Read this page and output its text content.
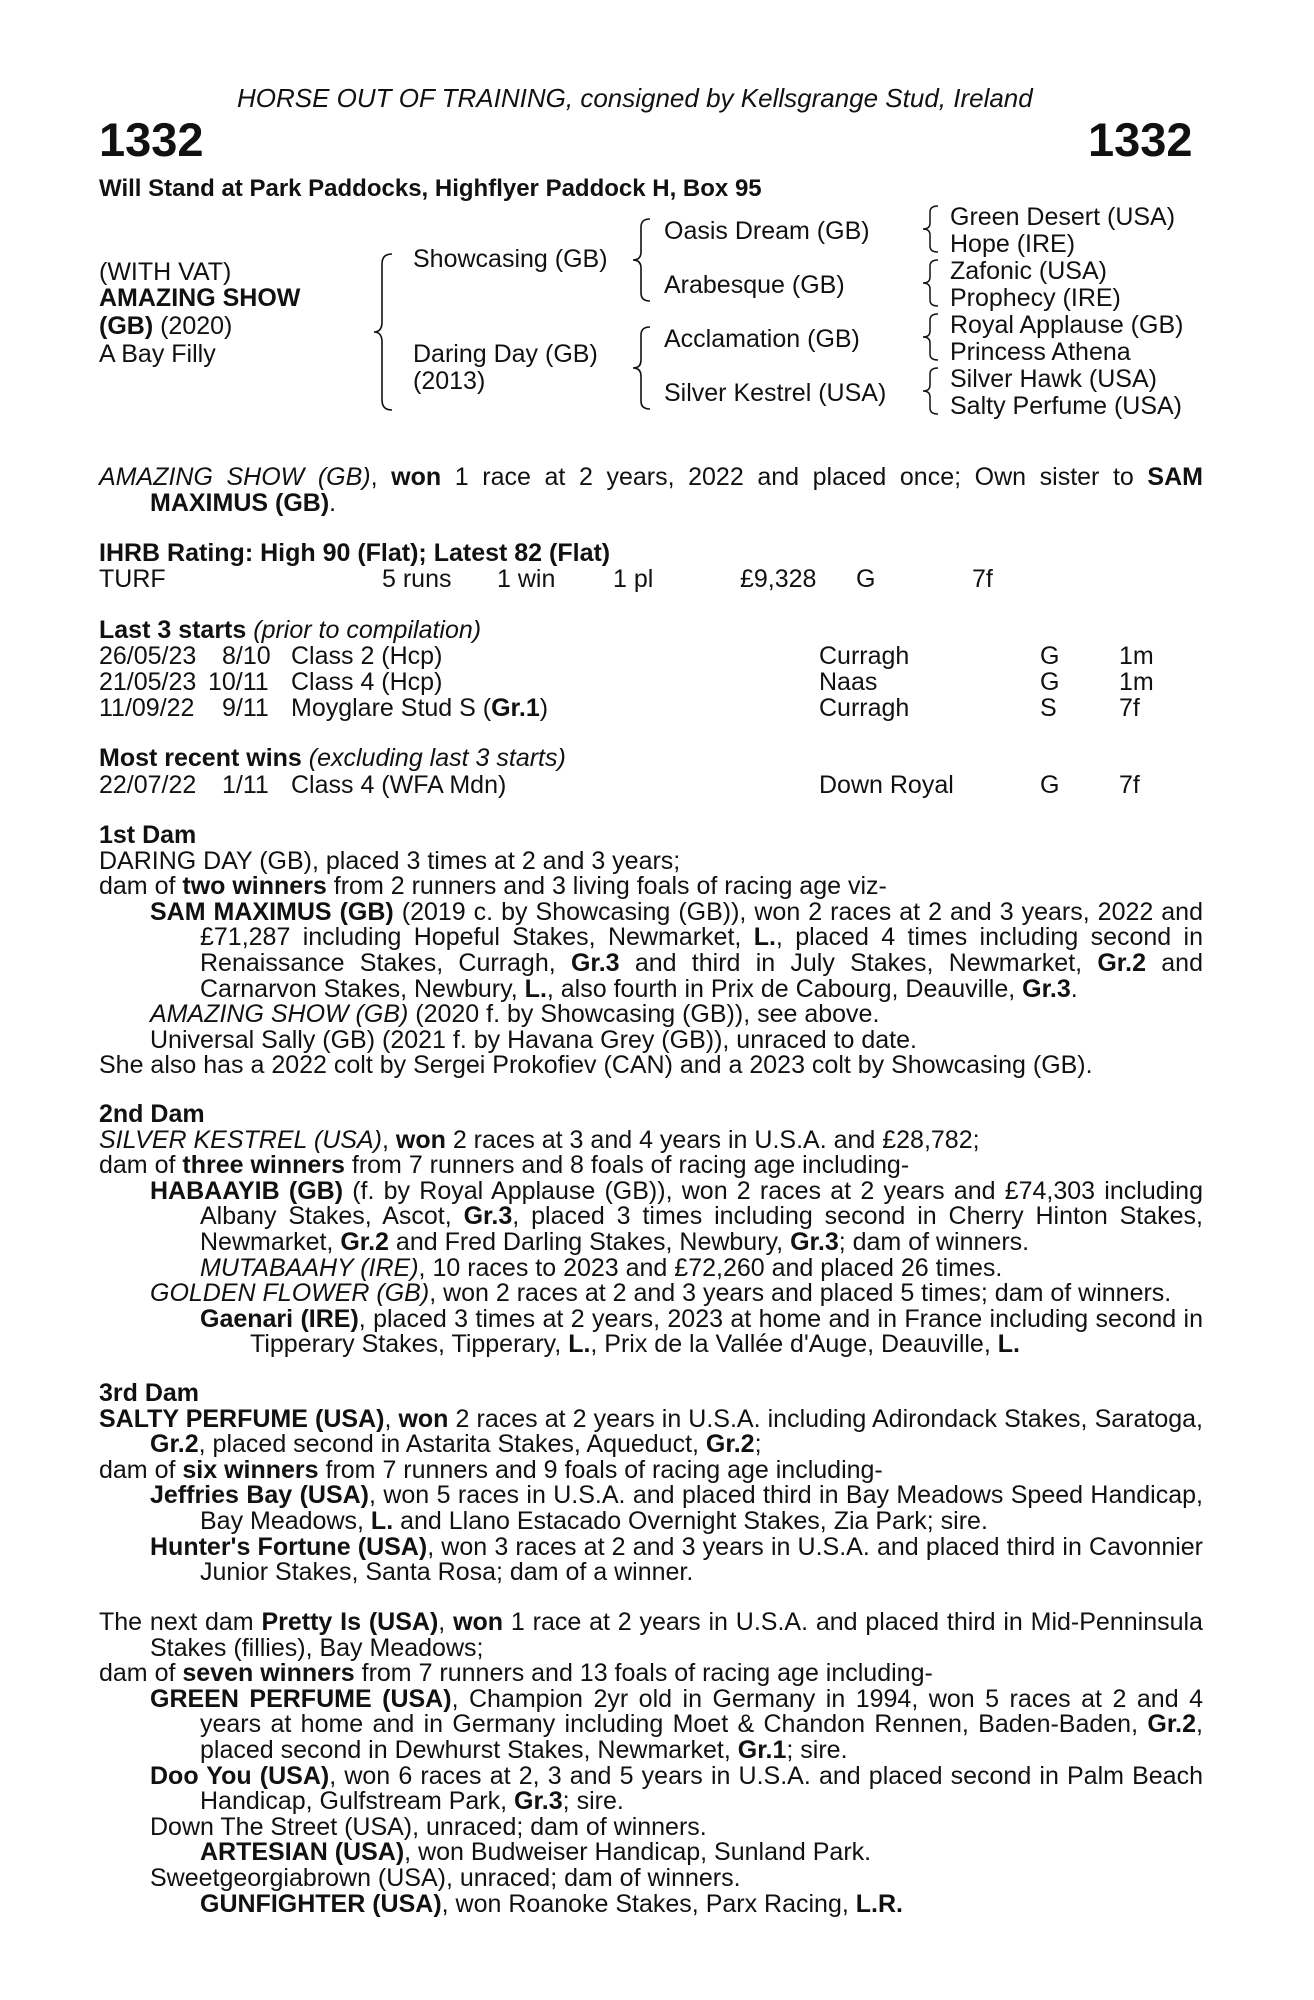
HORSE OUT OF TRAINING, consigned by Kellsgrange Stud, Ireland
1332	1332
Will Stand at Park Paddocks, Highflyer Paddock H, Box 95
(WITH VAT)
AMAZING SHOW
(GB) (2020)
A Bay Filly
Showcasing (GB)
Daring Day (GB)
(2013)
Oasis Dream (GB)
Arabesque (GB)
Acclamation (GB)
Silver Kestrel (USA)
Green Desert (USA)
Hope (IRE)
Zafonic (USA)
Prophecy (IRE)
Royal Applause (GB)
Princess Athena
Silver Hawk (USA)
Salty Perfume (USA)

AMAZING SHOW (GB), won 1 race at 2 years, 2022 and placed once; Own sister to SAM

MAXIMUS (GB).

IHRB Rating: High 90 (Flat); Latest 82 (Flat)
TURF	5 runs 1 win 1 pl	£9,328 G	7f
Last 3 starts (prior to compilation)
26/05/23 8/10 Class 2 (Hcp)	Curragh	G 1m
21/05/23 10/11 Class 4 (Hcp)	Naas	G 1m
11/09/22 9/11 Moyglare Stud S (Gr.1)	Curragh	S 7f
Most recent wins (excluding last 3 starts)
22/07/22 1/11 Class 4 (WFA Mdn)	Down Royal	G 7f

1st Dam

DARING DAY (GB), placed 3 times at 2 and 3 years;

dam of two winners from 2 runners and 3 living foals of racing age viz-

SAM MAXIMUS (GB) (2019 c. by Showcasing (GB)), won 2 races at 2 and 3 years, 2022 and £71,287 including Hopeful Stakes, Newmarket, L., placed 4 times including second in Renaissance Stakes, Curragh, Gr.3 and third in July Stakes, Newmarket, Gr.2 and Carnarvon Stakes, Newbury, L., also fourth in Prix de Cabourg, Deauville, Gr.3.

AMAZING SHOW (GB) (2020 f. by Showcasing (GB)), see above.

Universal Sally (GB) (2021 f. by Havana Grey (GB)), unraced to date.

She also has a 2022 colt by Sergei Prokofiev (CAN) and a 2023 colt by Showcasing (GB).

2nd Dam

SILVER KESTREL (USA), won 2 races at 3 and 4 years in U.S.A. and £28,782;

dam of three winners from 7 runners and 8 foals of racing age including-

HABAAYIB (GB) (f. by Royal Applause (GB)), won 2 races at 2 years and £74,303 including Albany Stakes, Ascot, Gr.3, placed 3 times including second in Cherry Hinton Stakes, Newmarket, Gr.2 and Fred Darling Stakes, Newbury, Gr.3; dam of winners.

MUTABAAHY (IRE), 10 races to 2023 and £72,260 and placed 26 times.

GOLDEN FLOWER (GB), won 2 races at 2 and 3 years and placed 5 times; dam of winners.

Gaenari (IRE), placed 3 times at 2 years, 2023 at home and in France including second in Tipperary Stakes, Tipperary, L., Prix de la Vallée d'Auge, Deauville, L.

3rd Dam

SALTY PERFUME (USA), won 2 races at 2 years in U.S.A. including Adirondack Stakes, Saratoga, Gr.2, placed second in Astarita Stakes, Aqueduct, Gr.2;

dam of six winners from 7 runners and 9 foals of racing age including-

Jeffries Bay (USA), won 5 races in U.S.A. and placed third in Bay Meadows Speed Handicap, Bay Meadows, L. and Llano Estacado Overnight Stakes, Zia Park; sire.

Hunter's Fortune (USA), won 3 races at 2 and 3 years in U.S.A. and placed third in Cavonnier Junior Stakes, Santa Rosa; dam of a winner.

The next dam Pretty Is (USA), won 1 race at 2 years in U.S.A. and placed third in Mid-Penninsula Stakes (fillies), Bay Meadows;

dam of seven winners from 7 runners and 13 foals of racing age including-

GREEN PERFUME (USA), Champion 2yr old in Germany in 1994, won 5 races at 2 and 4 years at home and in Germany including Moet & Chandon Rennen, Baden-Baden, Gr.2, placed second in Dewhurst Stakes, Newmarket, Gr.1; sire.

Doo You (USA), won 6 races at 2, 3 and 5 years in U.S.A. and placed second in Palm Beach Handicap, Gulfstream Park, Gr.3; sire.

Down The Street (USA), unraced; dam of winners.

ARTESIAN (USA), won Budweiser Handicap, Sunland Park.

Sweetgeorgiabrown (USA), unraced; dam of winners.

GUNFIGHTER (USA), won Roanoke Stakes, Parx Racing, L.R.
